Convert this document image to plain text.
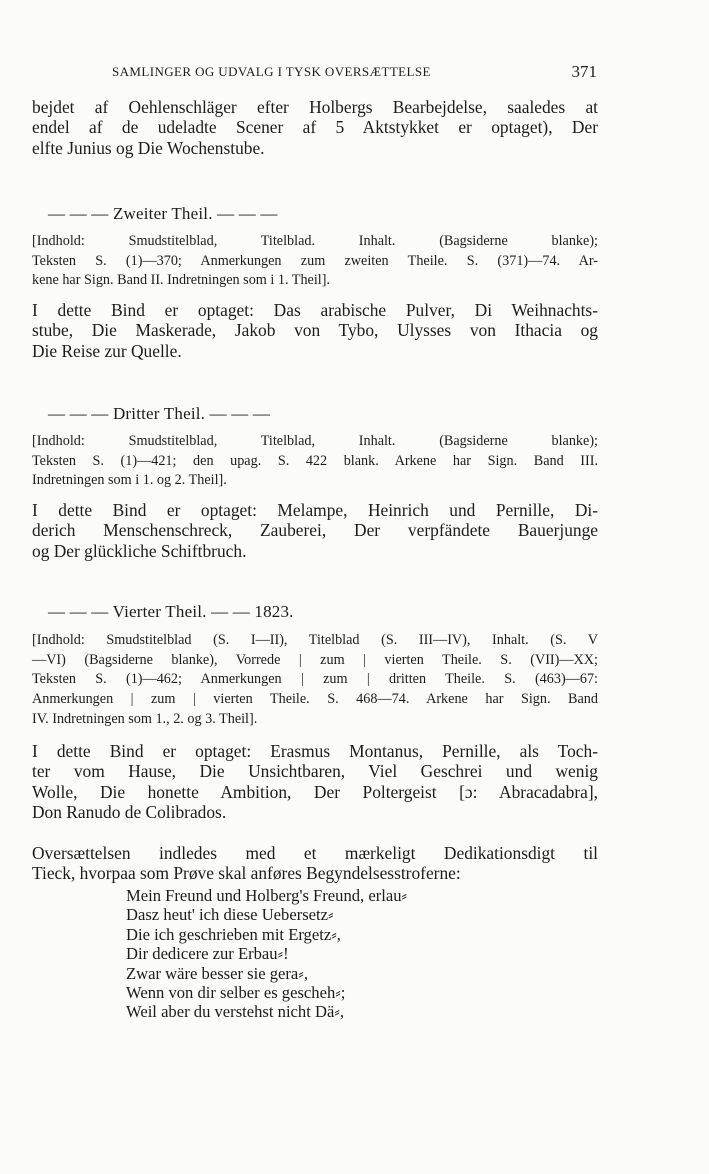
SAMLINGER OG UDVALG I TYSK OVERSÆTTELSE	371
bejdet af Oehlenschläger efter Holbergs Bearbejdelse, saaledes at
endel af de udeladte Scener af 5 Aktstykket er optaget), Der
elfte Junius og Die Wochenstube.
— — — Zweiter Theil. — — —
[Indhold: Smudstitelblad, Titelblad. Inhalt. (Bagsiderne blanke);
Teksten S. (1)—370; Anmerkungen zum zweiten Theile. S. (371)—74. Ar-
kene har Sign. Band II. Indretningen som i 1. Theil].
I dette Bind er optaget: Das arabische Pulver, Di Weihnachts-
stube, Die Maskerade, Jakob von Tybo, Ulysses von Ithacia og
Die Reise zur Quelle.
— — — Dritter Theil. — — —
[Indhold: Smudstitelblad, Titelblad, Inhalt. (Bagsiderne blanke);
Teksten S. (1)—421; den upag. S. 422 blank. Arkene har Sign. Band III.
Indretningen som i 1. og 2. Theil].
I dette Bind er optaget: Melampe, Heinrich und Pernille, Di-
derich Menschenschreck, Zauberei, Der verpfändete Bauerjunge
og Der glückliche Schiftbruch.
— — — Vierter Theil. — — 1823.
[Indhold: Smudstitelblad (S. I—II), Titelblad (S. III—IV), Inhalt. (S. V
—VI) (Bagsiderne blanke), Vorrede | zum | vierten Theile. S. (VII)—XX;
Teksten S. (1)—462; Anmerkungen | zum | dritten Theile. S. (463)—67:
Anmerkungen | zum | vierten Theile. S. 468—74. Arkene har Sign. Band
IV. Indretningen som 1., 2. og 3. Theil].
I dette Bind er optaget: Erasmus Montanus, Pernille, als Toch-
ter vom Hause, Die Unsichtbaren, Viel Geschrei und wenig
Wolle, Die honette Ambition, Der Poltergeist [ɔ: Abracadabra],
Don Ranudo de Colibrados.
Oversættelsen indledes med et mærkeligt Dedikationsdigt til
Tieck, hvorpaa som Prøve skal anføres Begyndelsesstroferne:
Mein Freund und Holberg's Freund, erlau⸗
Dasz heut' ich diese Uebersetz⸗
Die ich geschrieben mit Ergetz⸗,
Dir dedicere zur Erbau⸗!
Zwar wäre besser sie gera⸗,
Wenn von dir selber es gescheh⸗;
Weil aber du verstehst nicht Dä⸗,
